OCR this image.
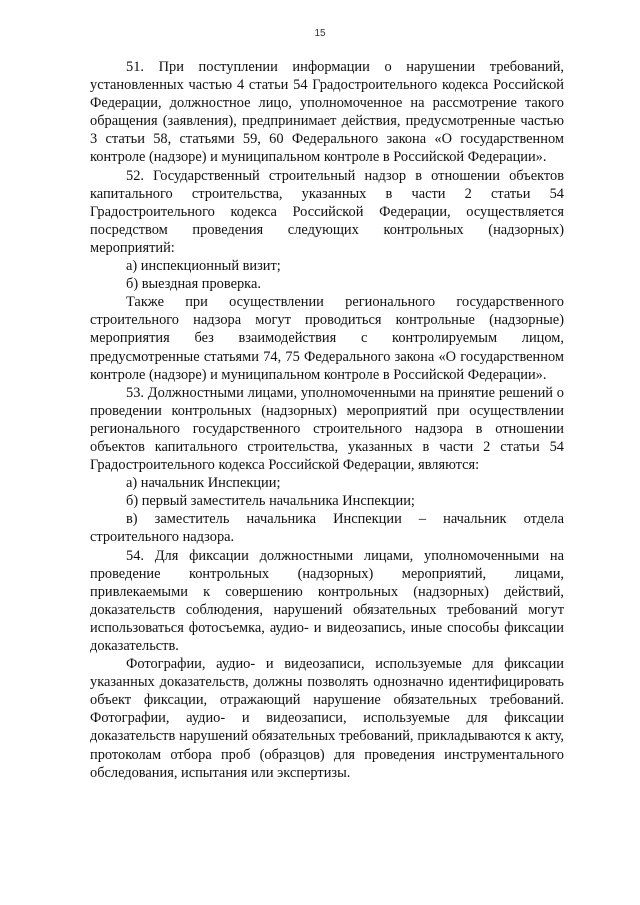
15

51. При поступлении информации о нарушении требований, установленных частью 4 статьи 54 Градостроительного кодекса Российской Федерации, должностное лицо, уполномоченное на рассмотрение такого обращения (заявления), предпринимает действия, предусмотренные частью 3 статьи 58, статьями 59, 60 Федерального закона «О государственном контроле (надзоре) и муниципальном контроле в Российской Федерации».

52. Государственный строительный надзор в отношении объектов капитального строительства, указанных в части 2 статьи 54 Градостроительного кодекса Российской Федерации, осуществляется посредством проведения следующих контрольных (надзорных) мероприятий:

а) инспекционный визит;

б) выездная проверка.

Также при осуществлении регионального государственного строительного надзора могут проводиться контрольные (надзорные) мероприятия без взаимодействия с контролируемым лицом, предусмотренные статьями 74, 75 Федерального закона «О государственном контроле (надзоре) и муниципальном контроле в Российской Федерации».

53. Должностными лицами, уполномоченными на принятие решений о проведении контрольных (надзорных) мероприятий при осуществлении регионального государственного строительного надзора в отношении объектов капитального строительства, указанных в части 2 статьи 54 Градостроительного кодекса Российской Федерации, являются:

а) начальник Инспекции;

б) первый заместитель начальника Инспекции;

в) заместитель начальника Инспекции – начальник отдела строительного надзора.

54. Для фиксации должностными лицами, уполномоченными на проведение контрольных (надзорных) мероприятий, лицами, привлекаемыми к совершению контрольных (надзорных) действий, доказательств соблюдения, нарушений обязательных требований могут использоваться фотосъемка, аудио- и видеозапись, иные способы фиксации доказательств.

Фотографии, аудио- и видеозаписи, используемые для фиксации указанных доказательств, должны позволять однозначно идентифицировать объект фиксации, отражающий нарушение обязательных требований. Фотографии, аудио- и видеозаписи, используемые для фиксации доказательств нарушений обязательных требований, прикладываются к акту, протоколам отбора проб (образцов) для проведения инструментального обследования, испытания или экспертизы.
